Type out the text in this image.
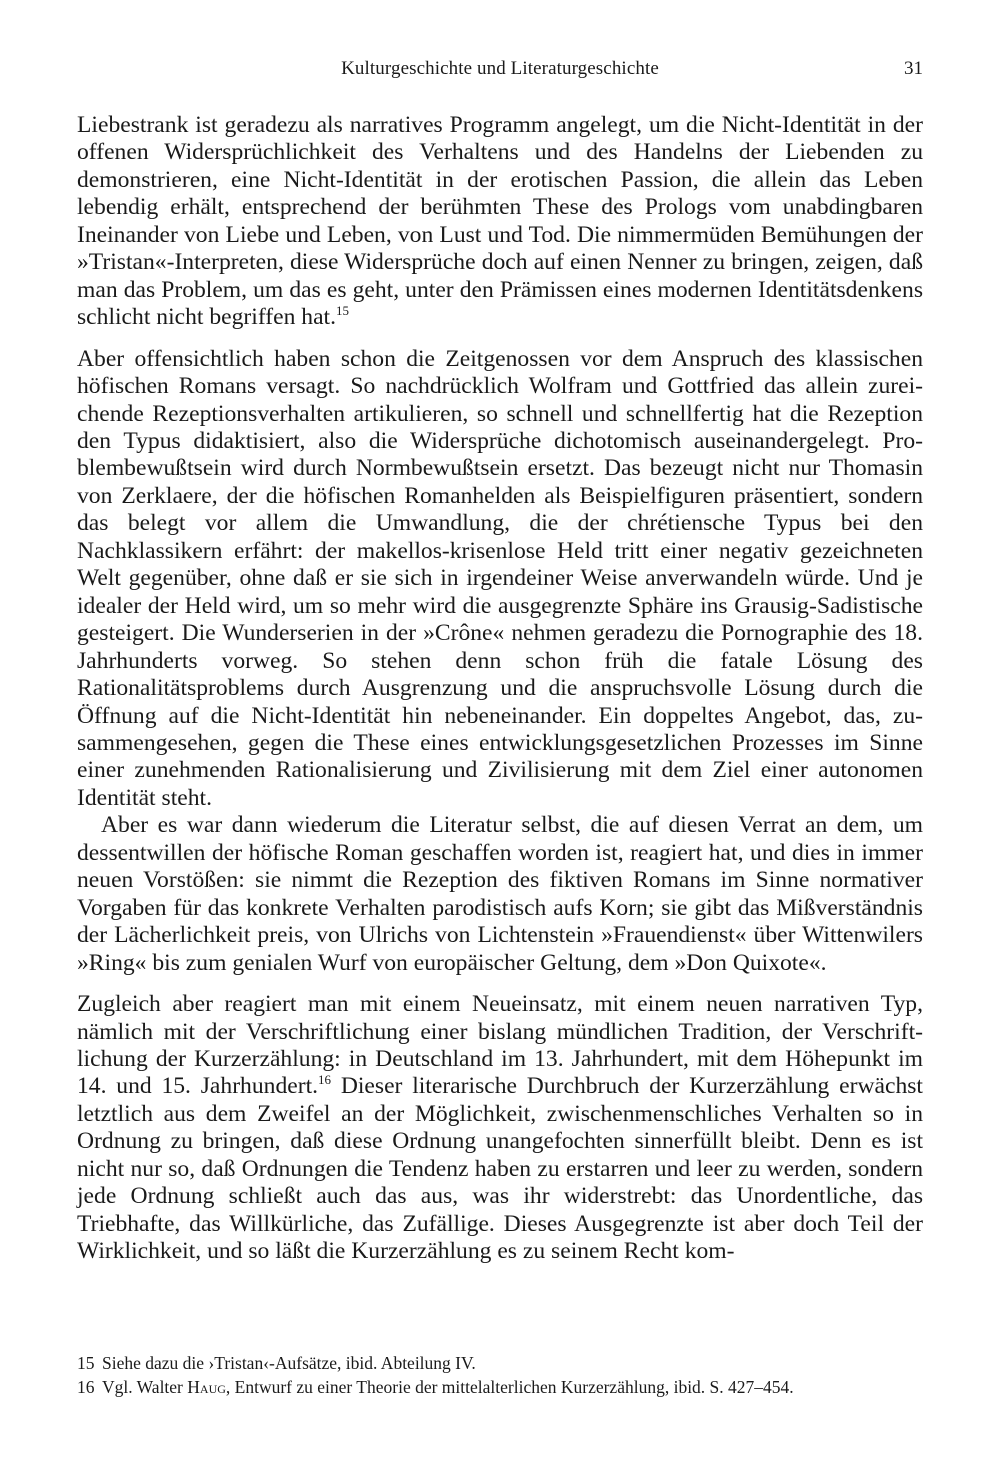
Kulturgeschichte und Literaturgeschichte	31

Liebestrank ist geradezu als narratives Programm angelegt, um die Nicht-Identität in der offenen Widersprüchlichkeit des Verhaltens und des Handelns der Liebenden zu demonstrieren, eine Nicht-Identität in der erotischen Passion, die allein das Leben lebendig erhält, entsprechend der berühmten These des Prologs vom unabdingbaren Ineinander von Liebe und Leben, von Lust und Tod. Die nimmermüden Bemühungen der »Tristan«-Interpreten, diese Widersprüche doch auf einen Nenner zu bringen, zeigen, daß man das Problem, um das es geht, unter den Prämissen eines modernen Identitätsdenkens schlicht nicht begriffen hat.$^{15}$

Aber offensichtlich haben schon die Zeitgenossen vor dem Anspruch des klassischen höfischen Romans versagt. So nachdrücklich Wolfram und Gottfried das allein zureichende Rezeptionsverhalten artikulieren, so schnell und schnellfertig hat die Rezeption den Typus didaktisiert, also die Widersprüche dichotomisch auseinandergelegt. Problembewußtsein wird durch Normbewußtsein ersetzt. Das bezeugt nicht nur Thomasin von Zerklaere, der die höfischen Romanhelden als Beispielfiguren präsentiert, sondern das belegt vor allem die Umwandlung, die der chrétiensche Typus bei den Nachklassikern erfährt: der makellos-krisenlose Held tritt einer negativ gezeichneten Welt gegenüber, ohne daß er sie sich in irgendeiner Weise anverwandeln würde. Und je idealer der Held wird, um so mehr wird die ausgegrenzte Sphäre ins Grausig-Sadistische gesteigert. Die Wunderserien in der »Crône« nehmen geradezu die Pornographie des 18. Jahrhunderts vorweg. So stehen denn schon früh die fatale Lösung des Rationalitätsproblems durch Ausgrenzung und die anspruchsvolle Lösung durch die Öffnung auf die Nicht-Identität hin nebeneinander. Ein doppeltes Angebot, das, zusammengesehen, gegen die These eines entwicklungsgesetzlichen Prozesses im Sinne einer zunehmenden Rationalisierung und Zivilisierung mit dem Ziel einer autonomen Identität steht.

Aber es war dann wiederum die Literatur selbst, die auf diesen Verrat an dem, um dessentwillen der höfische Roman geschaffen worden ist, reagiert hat, und dies in immer neuen Vorstößen: sie nimmt die Rezeption des fiktiven Romans im Sinne normativer Vorgaben für das konkrete Verhalten parodistisch aufs Korn; sie gibt das Mißverständnis der Lächerlichkeit preis, von Ulrichs von Lichtenstein »Frauendienst« über Wittenwilers »Ring« bis zum genialen Wurf von europäischer Geltung, dem »Don Quixote«.

Zugleich aber reagiert man mit einem Neueinsatz, mit einem neuen narrativen Typ, nämlich mit der Verschriftlichung einer bislang mündlichen Tradition, der Verschriftlichung der Kurzerzählung: in Deutschland im 13. Jahrhundert, mit dem Höhepunkt im 14. und 15. Jahrhundert.$^{16}$ Dieser literarische Durchbruch der Kurzerzählung erwächst letztlich aus dem Zweifel an der Möglichkeit, zwischenmenschliches Verhalten so in Ordnung zu bringen, daß diese Ordnung unangefochten sinnerfüllt bleibt. Denn es ist nicht nur so, daß Ordnungen die Tendenz haben zu erstarren und leer zu werden, sondern jede Ordnung schließt auch das aus, was ihr widerstrebt: das Unordentliche, das Triebhafte, das Willkürliche, das Zufällige. Dieses Ausgegrenzte ist aber doch Teil der Wirklichkeit, und so läßt die Kurzerzählung es zu seinem Recht kom-

15 Siehe dazu die ›Tristan‹-Aufsätze, ibid. Abteilung IV.
16 Vgl. Walter Haug, Entwurf zu einer Theorie der mittelalterlichen Kurzerzählung, ibid. S. 427–454.
